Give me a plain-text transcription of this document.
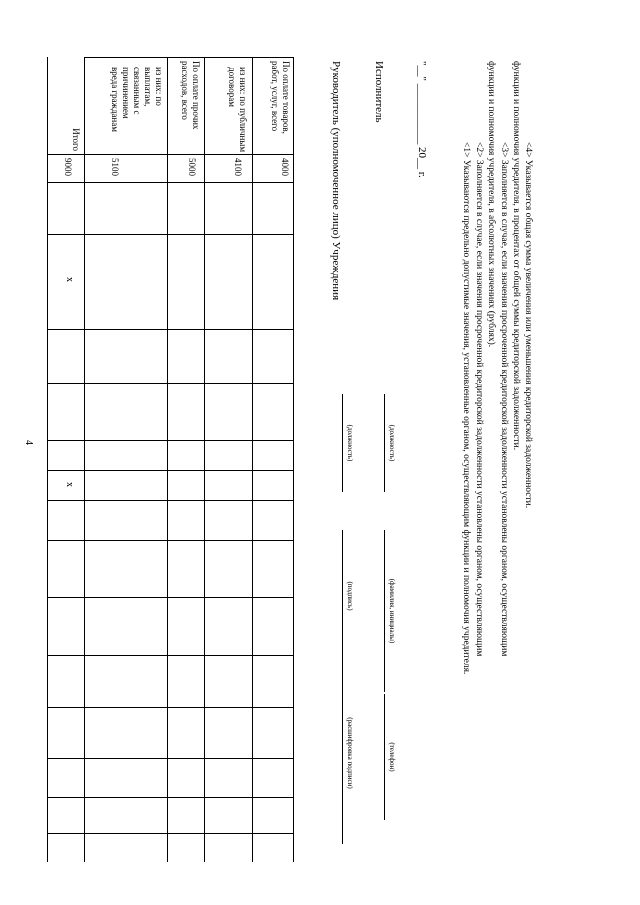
4
По оплате товаров, работ, услуг, всего
из них: по публичным договорам
По оплате прочих расходов, всего
из них: по выплатам, связанным с причинением вреда гражданам
Итого
4000
4100
5000
5100
9000
x
x
Руководитель (уполномоченное лицо) Учреждения	Исполнитель
(должность)
(подпись)
(расшифровка подписи)
(должность)
(фамилия, инициалы)
(телефон)
"__" ___________ 20__ г.
<1> Указываются предельно допустимые значения, установленные органом, осуществляющим функции и полномочия учредителя. <2> Заполняется в случае, если значения просроченной кредиторской задолженности установлены органом, осуществляющим функции и полномочия учредителя, в абсолютных значениях (рублях). <3> Заполняется в случае, если значения просроченной кредиторской задолженности установлены органом, осуществляющим функции и полномочия учредителя, в процентах от общей суммы кредиторской задолженности. <4> Указывается общая сумма увеличения или уменьшения кредиторской задолженности.
